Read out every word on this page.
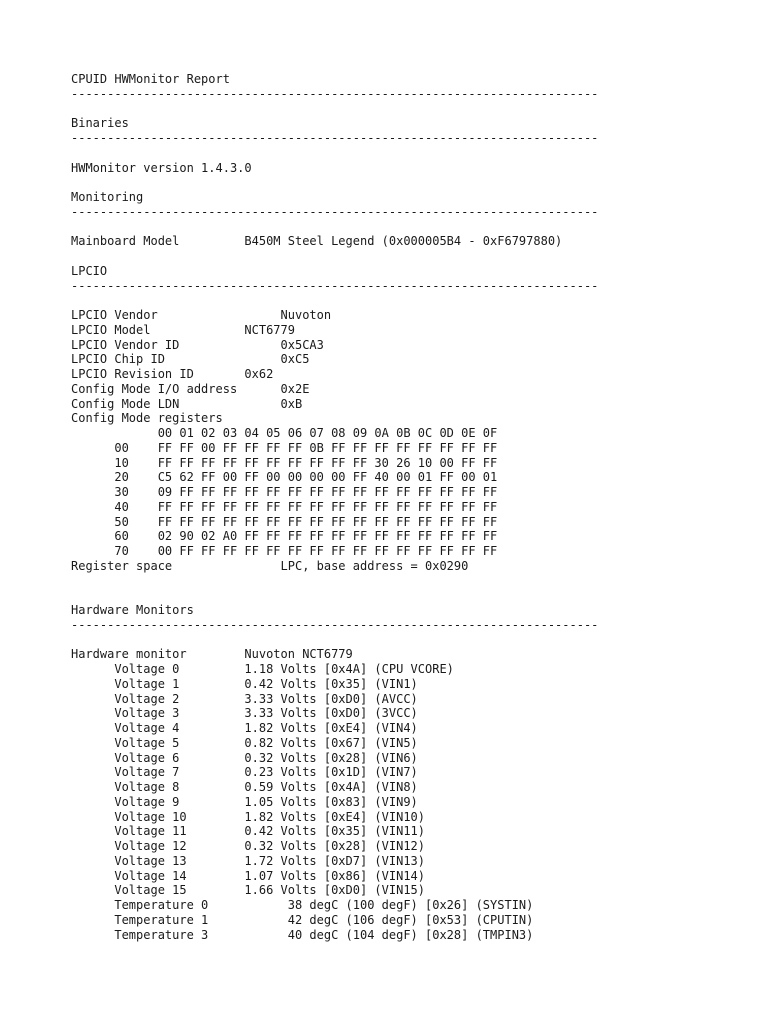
CPUID HWMonitor Report
-------------------------------------------------------------------------
Binaries
-------------------------------------------------------------------------
HWMonitor version 1.4.3.0
Monitoring
-------------------------------------------------------------------------
Mainboard Model         B450M Steel Legend (0x000005B4 - 0xF6797880)
LPCIO
-------------------------------------------------------------------------
LPCIO Vendor                 Nuvoton
LPCIO Model             NCT6779
LPCIO Vendor ID              0x5CA3
LPCIO Chip ID                0xC5
LPCIO Revision ID       0x62
Config Mode I/O address      0x2E
Config Mode LDN              0xB
Config Mode registers
00 01 02 03 04 05 06 07 08 09 0A 0B 0C 0D 0E 0F
00    FF FF 00 FF FF FF FF 0B FF FF FF FF FF FF FF FF
10    FF FF FF FF FF FF FF FF FF FF 30 26 10 00 FF FF
20    C5 62 FF 00 FF 00 00 00 00 FF 40 00 01 FF 00 01
30    09 FF FF FF FF FF FF FF FF FF FF FF FF FF FF FF
40    FF FF FF FF FF FF FF FF FF FF FF FF FF FF FF FF
50    FF FF FF FF FF FF FF FF FF FF FF FF FF FF FF FF
60    02 90 02 A0 FF FF FF FF FF FF FF FF FF FF FF FF
70    00 FF FF FF FF FF FF FF FF FF FF FF FF FF FF FF
Register space               LPC, base address = 0x0290
Hardware Monitors
-------------------------------------------------------------------------
Hardware monitor        Nuvoton NCT6779
Voltage 0         1.18 Volts [0x4A] (CPU VCORE)
Voltage 1         0.42 Volts [0x35] (VIN1)
Voltage 2         3.33 Volts [0xD0] (AVCC)
Voltage 3         3.33 Volts [0xD0] (3VCC)
Voltage 4         1.82 Volts [0xE4] (VIN4)
Voltage 5         0.82 Volts [0x67] (VIN5)
Voltage 6         0.32 Volts [0x28] (VIN6)
Voltage 7         0.23 Volts [0x1D] (VIN7)
Voltage 8         0.59 Volts [0x4A] (VIN8)
Voltage 9         1.05 Volts [0x83] (VIN9)
Voltage 10        1.82 Volts [0xE4] (VIN10)
Voltage 11        0.42 Volts [0x35] (VIN11)
Voltage 12        0.32 Volts [0x28] (VIN12)
Voltage 13        1.72 Volts [0xD7] (VIN13)
Voltage 14        1.07 Volts [0x86] (VIN14)
Voltage 15        1.66 Volts [0xD0] (VIN15)
Temperature 0           38 degC (100 degF) [0x26] (SYSTIN)
Temperature 1           42 degC (106 degF) [0x53] (CPUTIN)
Temperature 3           40 degC (104 degF) [0x28] (TMPIN3)
